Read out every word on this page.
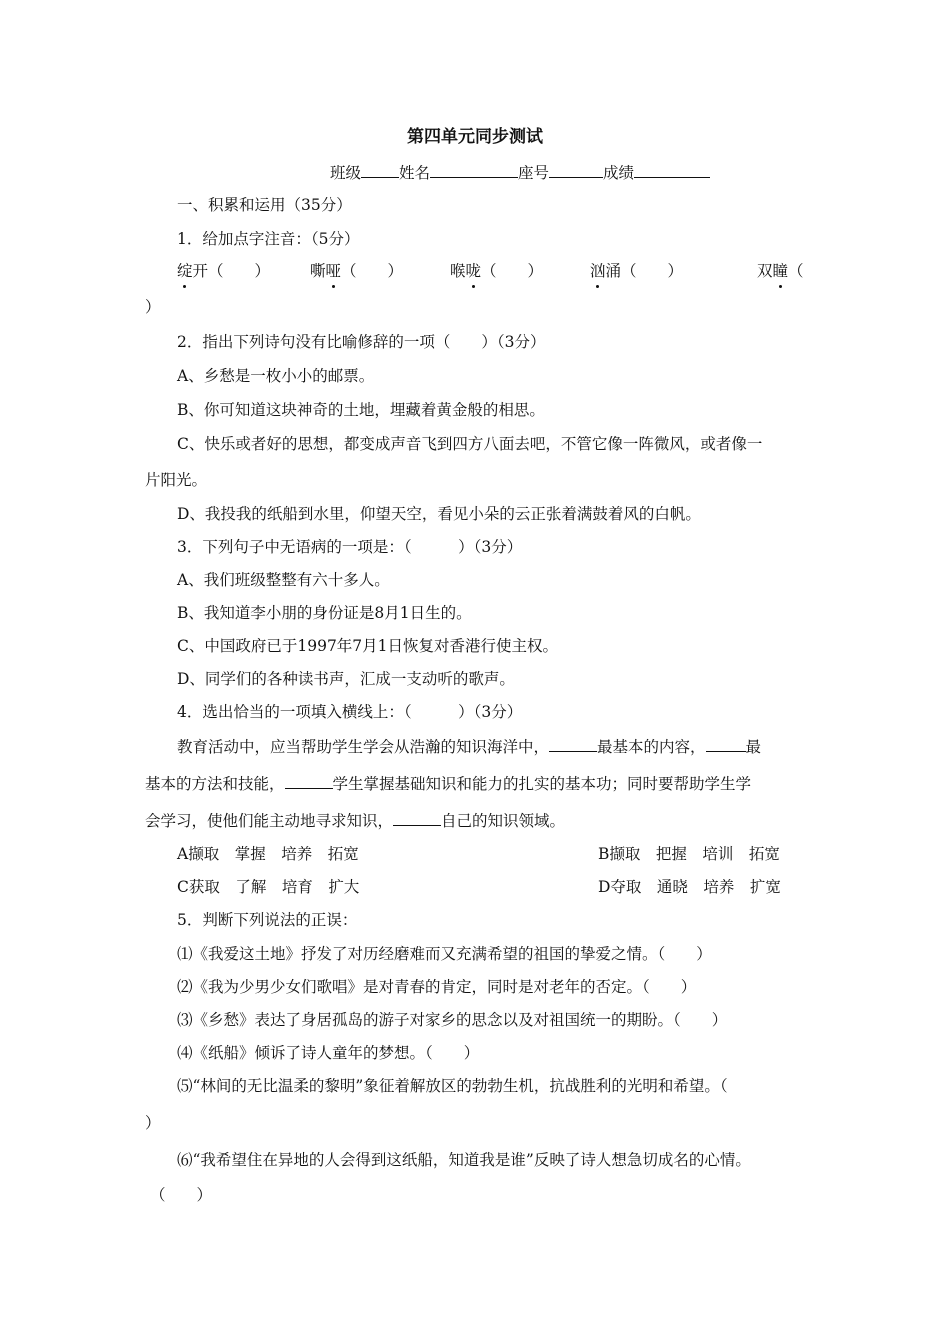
第四单元同步测试
班级 姓名	座号	成绩
一、积累和运用（35分）
1．给加点字注音：（5分）
绽开（　　）	嘶哑（　　）	喉咙（　　）	汹涌（　　）	双瞳（
）
2．指出下列诗句没有比喻修辞的一项（　　）（3分）
A、乡愁是一枚小小的邮票。
B、你可知道这块神奇的土地，埋藏着黄金般的相思。
C、快乐或者好的思想，都变成声音飞到四方八面去吧，不管它像一阵微风，或者像一
片阳光。
D、我投我的纸船到水里，仰望天空，看见小朵的云正张着满鼓着风的白帆。
3．下列句子中无语病的一项是：（　　　）（3分）
A、我们班级整整有六十多人。
B、我知道李小朋的身份证是8月1日生的。
C、中国政府已于1997年7月1日恢复对香港行使主权。
D、同学们的各种读书声，汇成一支动听的歌声。
4．选出恰当的一项填入横线上：（　　　）（3分）
教育活动中，应当帮助学生学会从浩瀚的知识海洋中，	最基本的内容，	最
基本的方法和技能，	学生掌握基础知识和能力的扎实的基本功；同时要帮助学生学
会学习，使他们能主动地寻求知识，	自己的知识领域。
A撷取　掌握　培养　拓宽	B撷取　把握　培训　拓宽
C获取　了解　培育　扩大	D夺取　通晓　培养　扩宽
5．判断下列说法的正误：
⑴《我爱这土地》抒发了对历经磨难而又充满希望的祖国的挚爱之情。（　　）
⑵《我为少男少女们歌唱》是对青春的肯定，同时是对老年的否定。（　　）
⑶《乡愁》表达了身居孤岛的游子对家乡的思念以及对祖国统一的期盼。（　　）
⑷《纸船》倾诉了诗人童年的梦想。（　　）
⑸“林间的无比温柔的黎明”象征着解放区的勃勃生机，抗战胜利的光明和希望。（
）
⑹“我希望住在异地的人会得到这纸船，知道我是谁”反映了诗人想急切成名的心情。
（　　）
